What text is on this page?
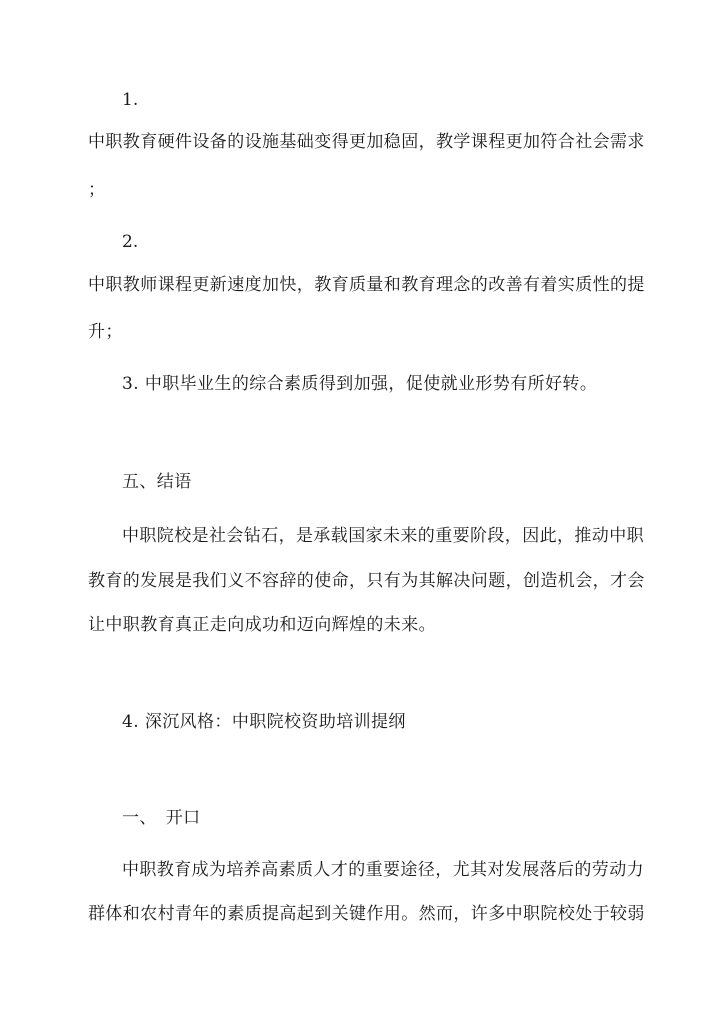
1.
中职教育硬件设备的设施基础变得更加稳固，教学课程更加符合社会需求
；
2.
中职教师课程更新速度加快，教育质量和教育理念的改善有着实质性的提
升；
3. 中职毕业生的综合素质得到加强，促使就业形势有所好转。
五、结语
中职院校是社会钻石，是承载国家未来的重要阶段，因此，推动中职
教育的发展是我们义不容辞的使命，只有为其解决问题，创造机会，才会
让中职教育真正走向成功和迈向辉煌的未来。
4. 深沉风格：中职院校资助培训提纲
一、　开口
中职教育成为培养高素质人才的重要途径，尤其对发展落后的劳动力
群体和农村青年的素质提高起到关键作用。然而，许多中职院校处于较弱
